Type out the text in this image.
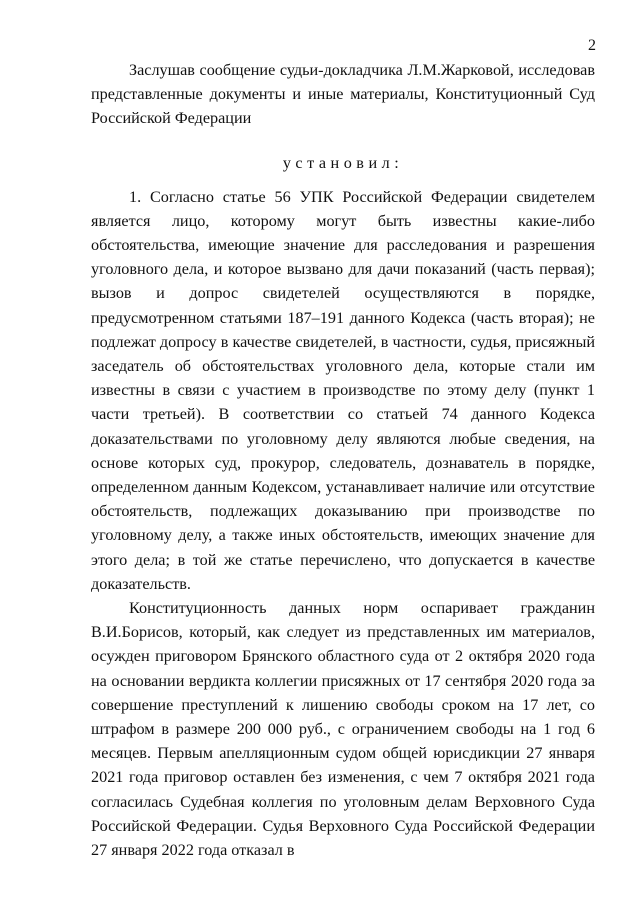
2

Заслушав сообщение судьи-докладчика Л.М.Жарковой, исследовав представленные документы и иные материалы, Конституционный Суд Российской Федерации

установил:

1. Согласно статье 56 УПК Российской Федерации свидетелем является лицо, которому могут быть известны какие-либо обстоятельства, имеющие значение для расследования и разрешения уголовного дела, и которое вызвано для дачи показаний (часть первая); вызов и допрос свидетелей осуществляются в порядке, предусмотренном статьями 187–191 данного Кодекса (часть вторая); не подлежат допросу в качестве свидетелей, в частности, судья, присяжный заседатель об обстоятельствах уголовного дела, которые стали им известны в связи с участием в производстве по этому делу (пункт 1 части третьей). В соответствии со статьей 74 данного Кодекса доказательствами по уголовному делу являются любые сведения, на основе которых суд, прокурор, следователь, дознаватель в порядке, определенном данным Кодексом, устанавливает наличие или отсутствие обстоятельств, подлежащих доказыванию при производстве по уголовному делу, а также иных обстоятельств, имеющих значение для этого дела; в той же статье перечислено, что допускается в качестве доказательств.

Конституционность данных норм оспаривает гражданин В.И.Борисов, который, как следует из представленных им материалов, осужден приговором Брянского областного суда от 2 октября 2020 года на основании вердикта коллегии присяжных от 17 сентября 2020 года за совершение преступлений к лишению свободы сроком на 17 лет, со штрафом в размере 200 000 руб., с ограничением свободы на 1 год 6 месяцев. Первым апелляционным судом общей юрисдикции 27 января 2021 года приговор оставлен без изменения, с чем 7 октября 2021 года согласилась Судебная коллегия по уголовным делам Верховного Суда Российской Федерации. Судья Верховного Суда Российской Федерации 27 января 2022 года отказал в
